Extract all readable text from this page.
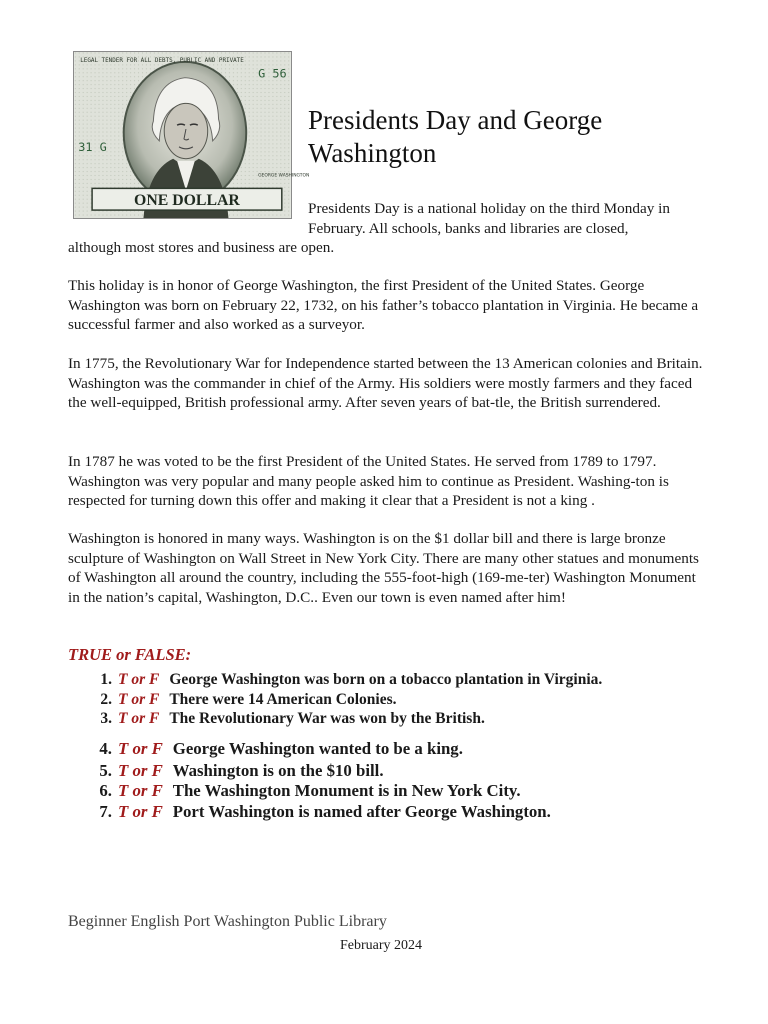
LEGAL TENDER FOR ALL DEBTS, PUBLIC AND PRIVATE
G 56
31 G
GEORGE WASHINGTON
ONE DOLLAR
Presidents Day and George Washington

Presidents Day is a national holiday on the third Monday in February. All schools, banks and libraries are closed,

although most stores and business are open.

This holiday is in honor of George Washington, the first President of the United States. George Washington was born on February 22, 1732, on his father’s tobacco plantation in Virginia. He became a successful farmer and also worked as a surveyor.

In 1775, the Revolutionary War for Independence started between the 13 American colonies and Britain. Washington was the commander in chief of the Army. His soldiers were mostly farmers and they faced the well-equipped, British professional army. After seven years of bat-tle, the British surrendered.

In 1787 he was voted to be the first President of the United States. He served from 1789 to 1797. Washington was very popular and many people asked him to continue as President. Washing-ton is respected for turning down this offer and making it clear that a President is not a king .

Washington is honored in many ways. Washington is on the $1 dollar bill and there is large bronze sculpture of Washington on Wall Street in New York City. There are many other statues and monuments of Washington all around the country, including the 555-foot-high (169-me-ter) Washington Monument in the nation’s capital, Washington, D.C.. Even our town is even named after him!

TRUE or FALSE:

1. T or F George Washington was born on a tobacco plantation in Virginia.

2. T or F There were 14 American Colonies.

3. T or F The Revolutionary War was won by the British.

4. T or F George Washington wanted to be a king.

5. T or F Washington is on the $10 bill.

6. T or F The Washington Monument is in New York City.

7. T or F Port Washington is named after George Washington.

Beginner English Port Washington Public Library

February 2024
